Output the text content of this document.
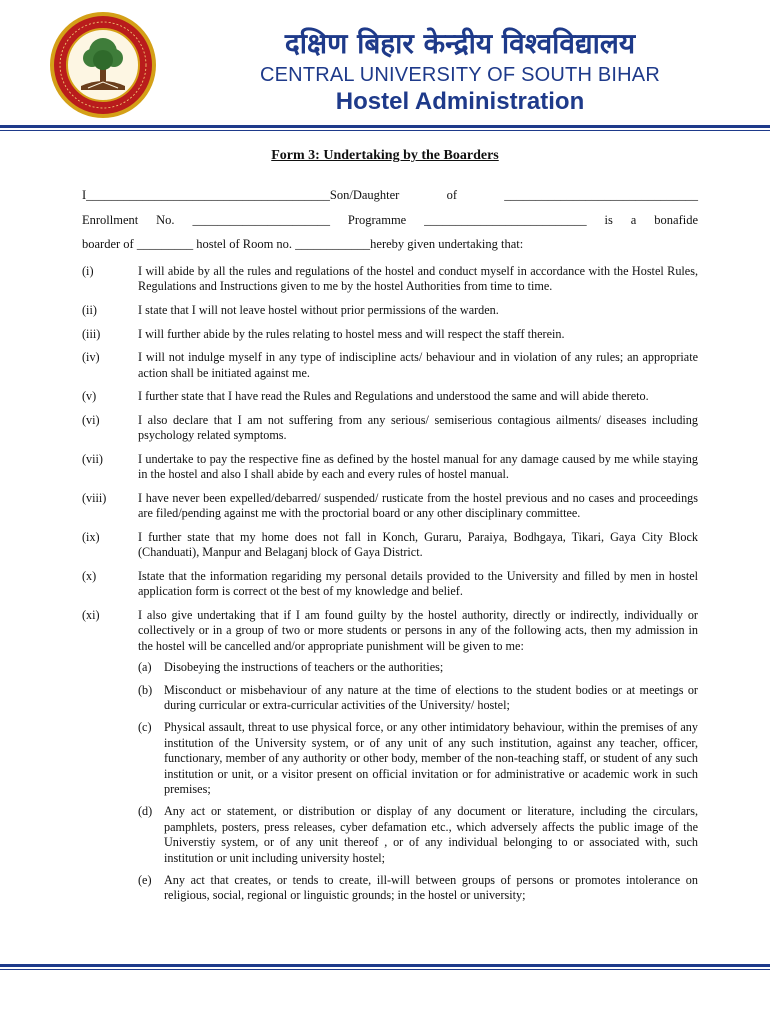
दक्षिण बिहार केन्द्रीय विश्वविद्यालय
CENTRAL UNIVERSITY OF SOUTH BIHAR
Hostel Administration
Form 3: Undertaking by the Boarders
I_______________________________________Son/Daughter of _______________________________
Enrollment No. ______________________ Programme __________________________ is a bonafide
boarder of _________ hostel of Room no. ____________hereby given undertaking that:
(i)	I will abide by all the rules and regulations of the hostel and conduct myself in accordance with the Hostel Rules, Regulations and Instructions given to me by the hostel Authorities from time to time.
(ii)	I state that I will not leave hostel without prior permissions of the warden.
(iii)	I will further abide by the rules relating to hostel mess and will respect the staff therein.
(iv)	I will not indulge myself in any type of indiscipline acts/ behaviour and in violation of any rules; an appropriate action shall be initiated against me.
(v)	I further state that I have read the Rules and Regulations and understood the same and will abide thereto.
(vi)	I also declare that I am not suffering from any serious/ semiserious contagious ailments/ diseases including psychology related symptoms.
(vii)	I undertake to pay the respective fine as defined by the hostel manual for any damage caused by me while staying in the hostel and also I shall abide by each and every rules of hostel manual.
(viii)	I have never been expelled/debarred/ suspended/ rusticate from the hostel previous and no cases and proceedings are filed/pending against me with the proctorial board or any other disciplinary committee.
(ix)	I further state that my home does not fall in Konch, Guraru, Paraiya, Bodhgaya, Tikari, Gaya City Block (Chanduati), Manpur and Belaganj block of Gaya District.
(x)	Istate that the information regariding my personal details provided to the University and filled by men in hostel application form is correct ot the best of my knowledge and belief.
(xi)	I also give undertaking that if I am found guilty by the hostel authority, directly or indirectly, individually or collectively or in a group of two or more students or persons in any of the following acts, then my admission in the hostel will be cancelled and/or appropriate punishment will be given to me:
(a)	Disobeying the instructions of teachers or the authorities;
(b) Misconduct or misbehaviour of any nature at the time of elections to the student bodies or at meetings or during curricular or extra-curricular activities of the University/ hostel;
(c)	Physical assault, threat to use physical force, or any other intimidatory behaviour, within the premises of any institution of the University system, or of any unit of any such institution, against any teacher, officer, functionary, member of any authority or other body, member of the non-teaching staff, or student of any such institution or unit, or a visitor present on official invitation or for administrative or academic work in such premises;
(d) Any act or statement, or distribution or display of any document or literature, including the circulars, pamphlets, posters, press releases, cyber defamation etc., which adversely affects the public image of the Universtiy system, or of any unit thereof , or of any individual belonging to or associated with, such institution or unit including university hostel;
(e)	Any act that creates, or tends to create, ill-will between groups of persons or promotes intolerance on religious, social, regional or linguistic grounds; in the hostel or university;
